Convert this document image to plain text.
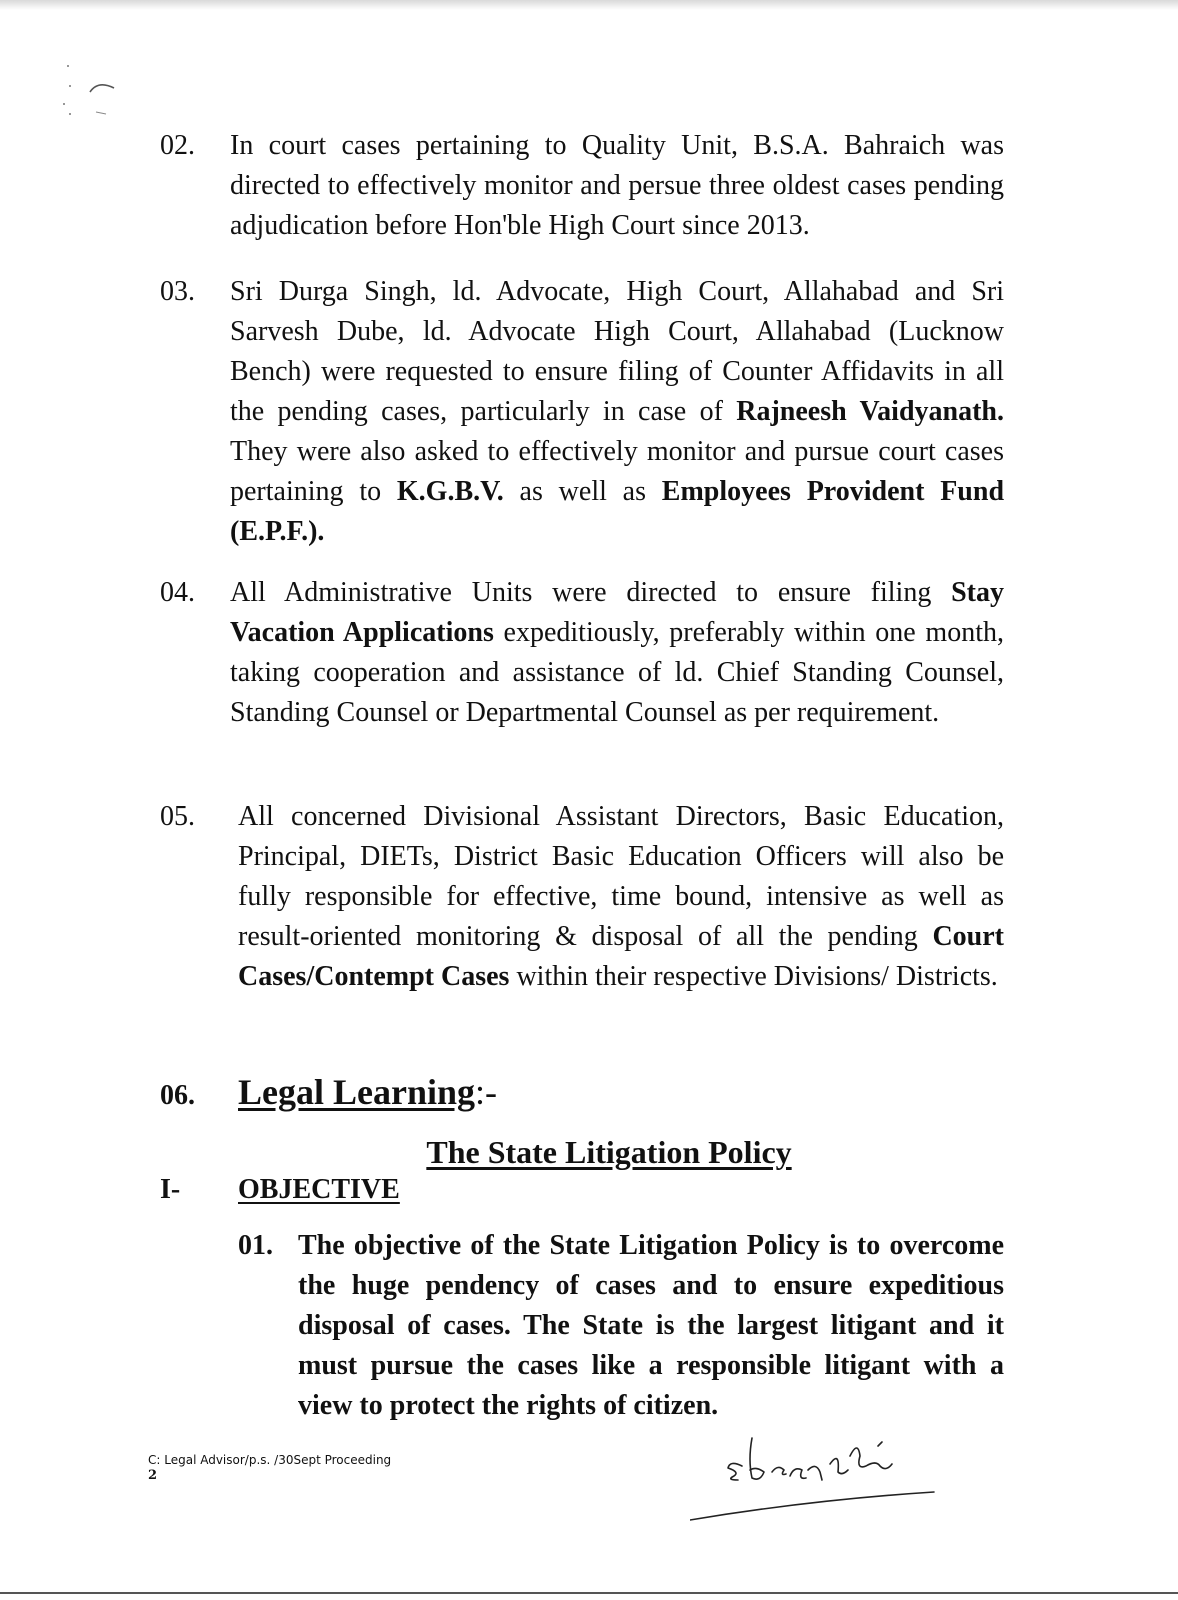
02. In court cases pertaining to Quality Unit, B.S.A. Bahraich was directed to effectively monitor and persue three oldest cases pending adjudication before Hon'ble High Court since 2013.
03. Sri Durga Singh, ld. Advocate, High Court, Allahabad and Sri Sarvesh Dube, ld. Advocate High Court, Allahabad (Lucknow Bench) were requested to ensure filing of Counter Affidavits in all the pending cases, particularly in case of Rajneesh Vaidyanath. They were also asked to effectively monitor and pursue court cases pertaining to K.G.B.V. as well as Employees Provident Fund (E.P.F.).
04. All Administrative Units were directed to ensure filing Stay Vacation Applications expeditiously, preferably within one month, taking cooperation and assistance of ld. Chief Standing Counsel, Standing Counsel or Departmental Counsel as per requirement.
05. All concerned Divisional Assistant Directors, Basic Education, Principal, DIETs, District Basic Education Officers will also be fully responsible for effective, time bound, intensive as well as result-oriented monitoring & disposal of all the pending Court Cases/Contempt Cases within their respective Divisions/ Districts.
06. Legal Learning:-
The State Litigation Policy
I- OBJECTIVE
01. The objective of the State Litigation Policy is to overcome the huge pendency of cases and to ensure expeditious disposal of cases. The State is the largest litigant and it must pursue the cases like a responsible litigant with a view to protect the rights of citizen.
C: Legal Advisor/p.s. /30Sept Proceeding
2
